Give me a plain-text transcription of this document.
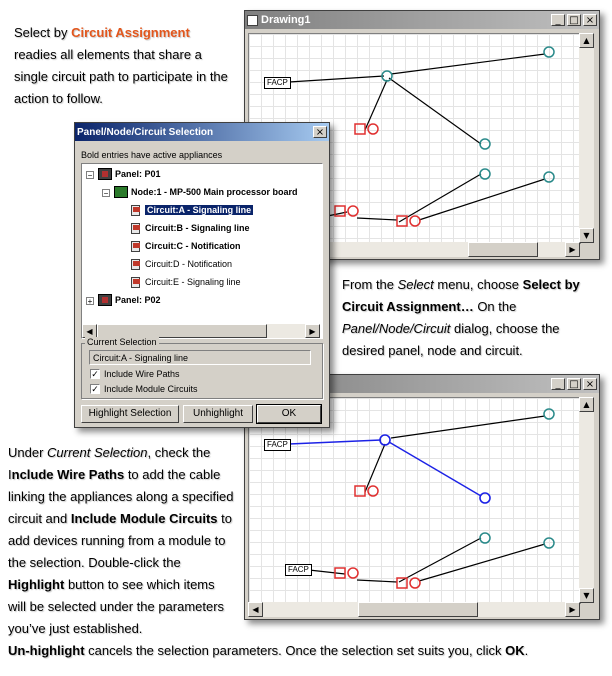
Select by Circuit Assignment readies all elements that share a single circuit path to participate in the action to follow.
Drawing1	_ □ ×
FACP
▲
▼
▶
_ □ ×
FACP
FACP
▲
▼
◀	▶
Panel/Node/Circuit Selection	×
Bold entries have active appliances
−	Panel: P01
−	Node:1 - MP-500 Main processor board
Circuit:A - Signaling line
Circuit:B - Signaling line
Circuit:C - Notification
Circuit:D - Notification
Circuit:E - Signaling line
+	Panel: P02
◀	▶
Current Selection
Circuit:A - Signaling line
✓ Include Wire Paths
✓ Include Module Circuits
Highlight Selection	Unhighlight	OK
From the Select menu, choose Select by Circuit Assignment… On the Panel/Node/Circuit dialog, choose the desired panel, node and circuit.
Under Current Selection, check the Include Wire Paths to add the cable linking the appliances along a specified circuit and Include Module Circuits to add devices running from a module to the selection. Double-click the Highlight button to see which items will be selected under the parameters you’ve just established.
Un-highlight cancels the selection parameters. Once the selection set suits you, click OK.
